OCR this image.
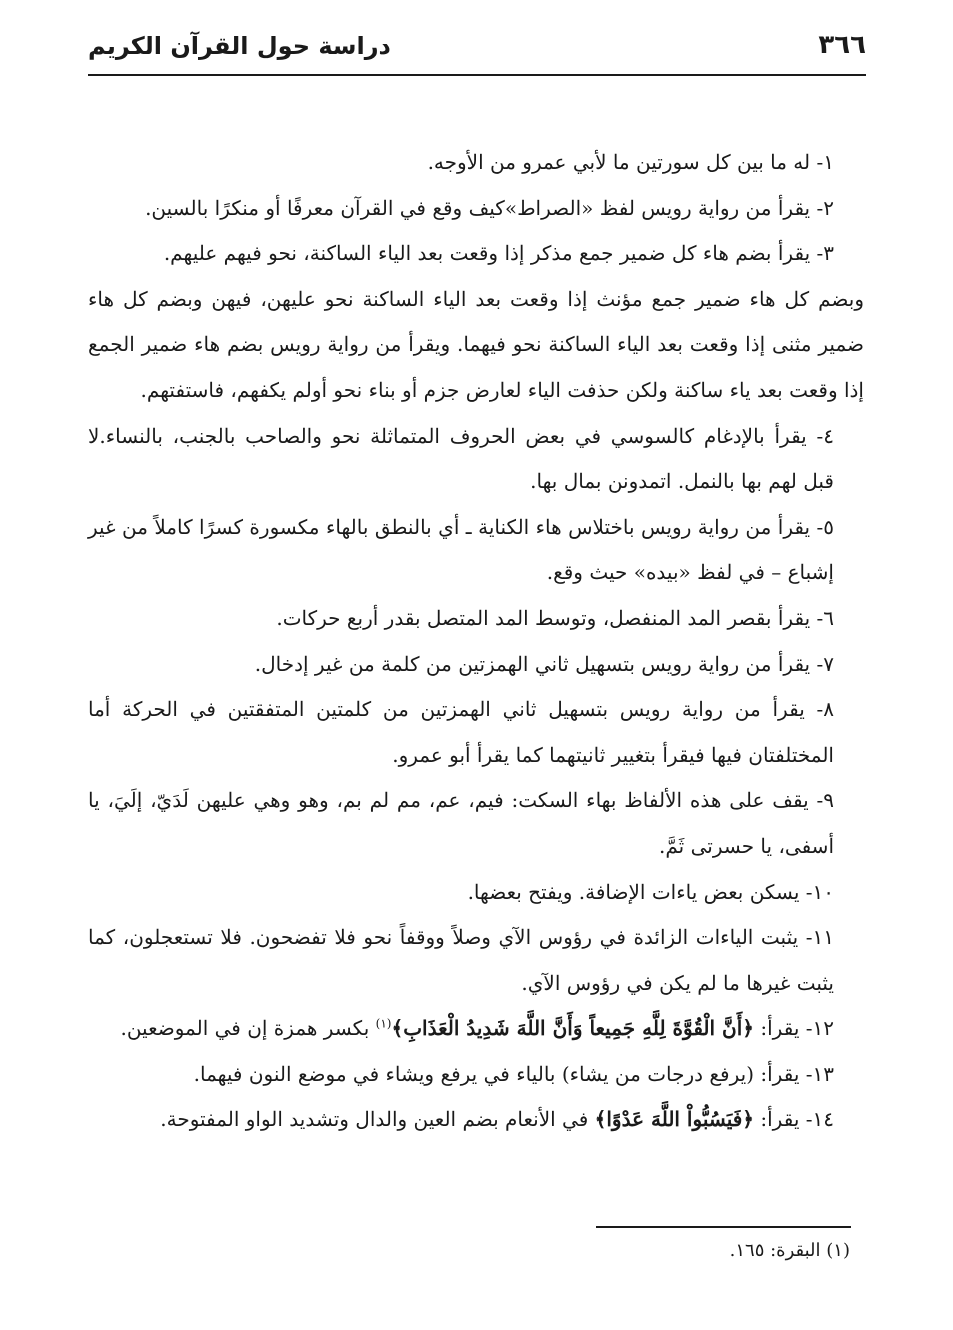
٣٦٦
دراسة حول القرآن الكريم

١- له ما بين كل سورتين ما لأبي عمرو من الأوجه.

٢- يقرأ من رواية رويس لفظ «الصراط»كيف وقع في القرآن معرفًا أو منكرًا بالسين.

٣- يقرأ بضم هاء كل ضمير جمع مذكر إذا وقعت بعد الياء الساكنة، نحو فيهم عليهم.

وبضم كل هاء ضمير جمع مؤنث إذا وقعت بعد الياء الساكنة نحو عليهن، فيهن وبضم كل هاء ضمير مثنى إذا وقعت بعد الياء الساكنة نحو فيهما. ويقرأ من رواية رويس بضم هاء ضمير الجمع إذا وقعت بعد ياء ساكنة ولكن حذفت الياء لعارض جزم أو بناء نحو أولم يكفهم، فاستفتهم.

٤- يقرأ بالإدغام كالسوسي في بعض الحروف المتماثلة نحو والصاحب بالجنب، بالنساء.لا قبل لهم بها بالنمل. اتمدونن بمال بها.

٥- يقرأ من رواية رويس باختلاس هاء الكناية ـ أي بالنطق بالهاء مكسورة كسرًا كاملاً من غير إشباع – في لفظ «بيده» حيث وقع.

٦- يقرأ بقصر المد المنفصل، وتوسط المد المتصل بقدر أربع حركات.

٧- يقرأ من رواية رويس بتسهيل ثاني الهمزتين من كلمة من غير إدخال.

٨- يقرأ من رواية رويس بتسهيل ثاني الهمزتين من كلمتين المتفقتين في الحركة أما المختلفتان فيها فيقرأ بتغيير ثانيتهما كما يقرأ أبو عمرو.

٩- يقف على هذه الألفاظ بهاء السكت: فيم، عم، مم لم بم، وهو وهي عليهن لَدَيّ، إلَيَ، يا أسفى، يا حسرتى ثَمَّ.

١٠- يسكن بعض ياءات الإضافة. ويفتح بعضها.

١١- يثبت الياءات الزائدة في رؤوس الآي وصلاً ووقفاً نحو فلا تفضحون. فلا تستعجلون، كما يثبت غيرها ما لم يكن في رؤوس الآي.

١٢- يقرأ: ﴿أَنَّ الْقُوَّةَ لِلَّهِ جَمِيعاً وَأَنَّ اللَّهَ شَدِيدُ الْعَذَابِ﴾$^{(١)}$ بكسر همزة إن في الموضعين.

١٣- يقرأ: (يرفع درجات من يشاء) بالياء في يرفع ويشاء في موضع النون فيهما.

١٤- يقرأ: ﴿فَيَسُبُّواْ اللَّهَ عَدْوًا﴾ في الأنعام بضم العين والدال وتشديد الواو المفتوحة.

(١) البقرة: ١٦٥.
